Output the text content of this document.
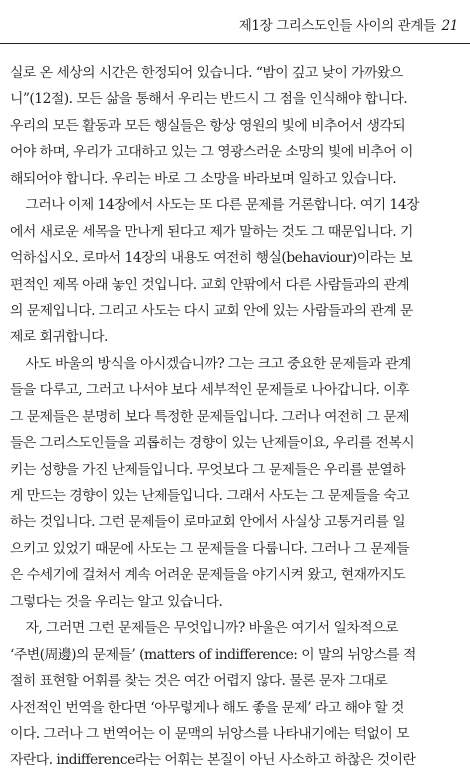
제1장 그리스도인들 사이의 관계들 21
실로 온 세상의 시간은 한정되어 있습니다. “밤이 깊고 낮이 가까왔으
니”(12절). 모든 삶을 통해서 우리는 반드시 그 점을 인식해야 합니다.
우리의 모든 활동과 모든 행실들은 항상 영원의 빛에 비추어서 생각되
어야 하며, 우리가 고대하고 있는 그 영광스러운 소망의 빛에 비추어 이
해되어야 합니다. 우리는 바로 그 소망을 바라보며 일하고 있습니다.
그러나 이제 14장에서 사도는 또 다른 문제를 거론합니다. 여기 14장
에서 새로운 세목을 만나게 된다고 제가 말하는 것도 그 때문입니다. 기
억하십시오. 로마서 14장의 내용도 여전히 행실(behaviour)이라는 보
편적인 제목 아래 놓인 것입니다. 교회 안팎에서 다른 사람들과의 관계
의 문제입니다. 그리고 사도는 다시 교회 안에 있는 사람들과의 관계 문
제로 회귀합니다.
사도 바울의 방식을 아시겠습니까? 그는 크고 중요한 문제들과 관계
들을 다루고, 그러고 나서야 보다 세부적인 문제들로 나아갑니다. 이후
그 문제들은 분명히 보다 특정한 문제들입니다. 그러나 여전히 그 문제
들은 그리스도인들을 괴롭히는 경향이 있는 난제들이요, 우리를 전복시
키는 성향을 가진 난제들입니다. 무엇보다 그 문제들은 우리를 분열하
게 만드는 경향이 있는 난제들입니다. 그래서 사도는 그 문제들을 숙고
하는 것입니다. 그런 문제들이 로마교회 안에서 사실상 고통거리를 일
으키고 있었기 때문에 사도는 그 문제들을 다룹니다. 그러나 그 문제들
은 수세기에 걸쳐서 계속 어려운 문제들을 야기시켜 왔고, 현재까지도
그렇다는 것을 우리는 알고 있습니다.
자, 그러면 그런 문제들은 무엇입니까? 바울은 여기서 일차적으로
‘주변(周邊)의 문제들’ (matters of indifference: 이 말의 뉘앙스를 적
절히 표현할 어휘를 찾는 것은 여간 어렵지 않다. 물론 문자 그대로
사전적인 번역을 한다면 ‘아무렇게나 해도 좋을 문제’ 라고 해야 할 것
이다. 그러나 그 번역어는 이 문맥의 뉘앙스를 나타내기에는 턱없이 모
자란다. indifference라는 어휘는 본질이 아닌 사소하고 하찮은 것이란
